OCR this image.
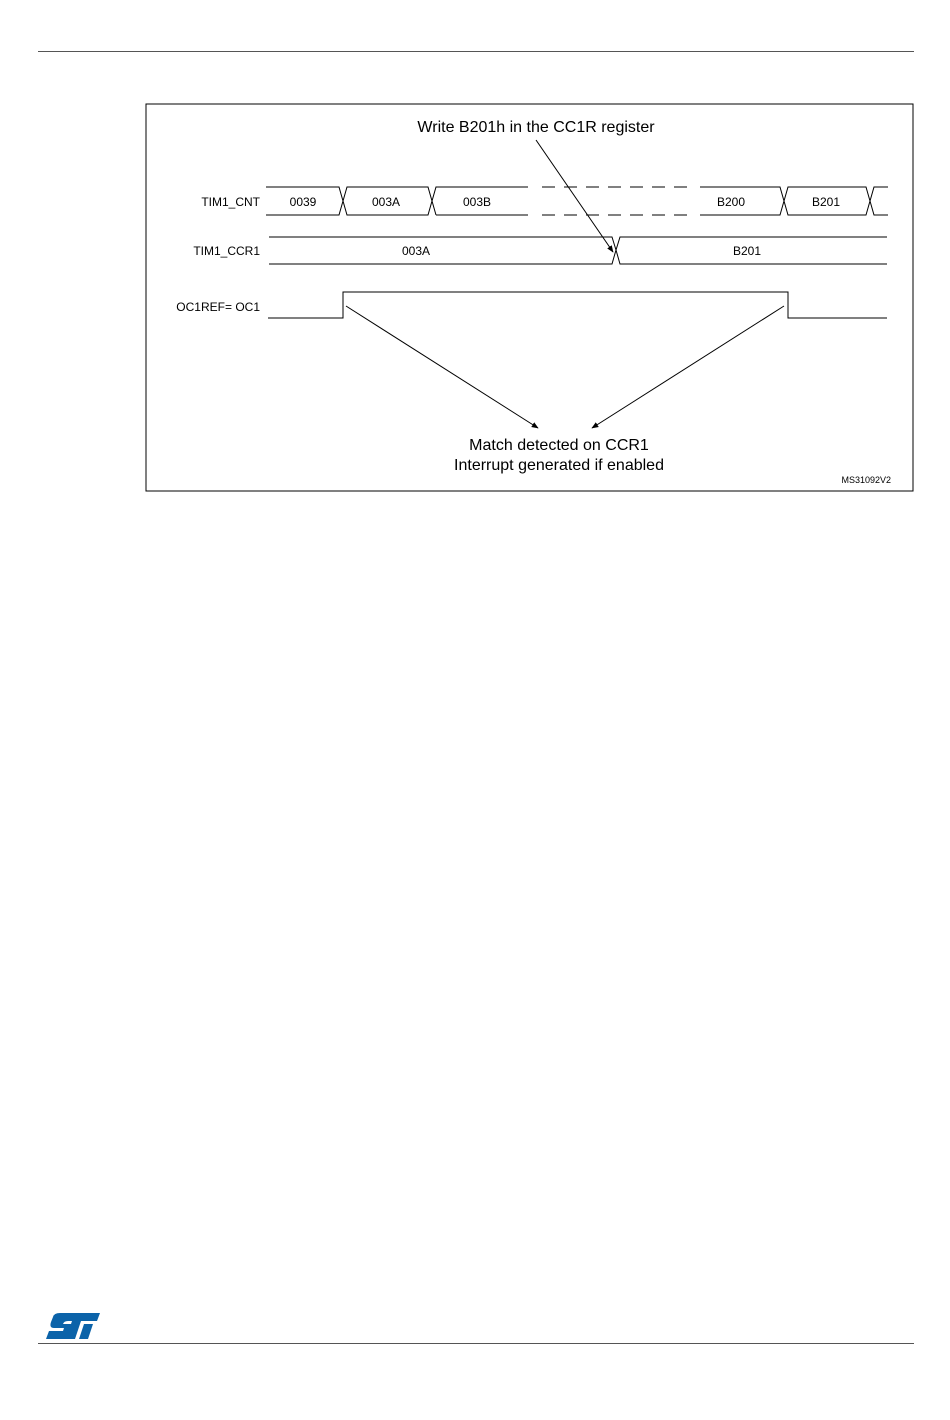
Write B201h in the CC1R register
TIM1_CNT
TIM1_CCR1
OC1REF= OC1
0039	003A	003B	B200	B201
003A	B201
Match detected on CCR1
Interrupt generated if enabled
MS31092V2
